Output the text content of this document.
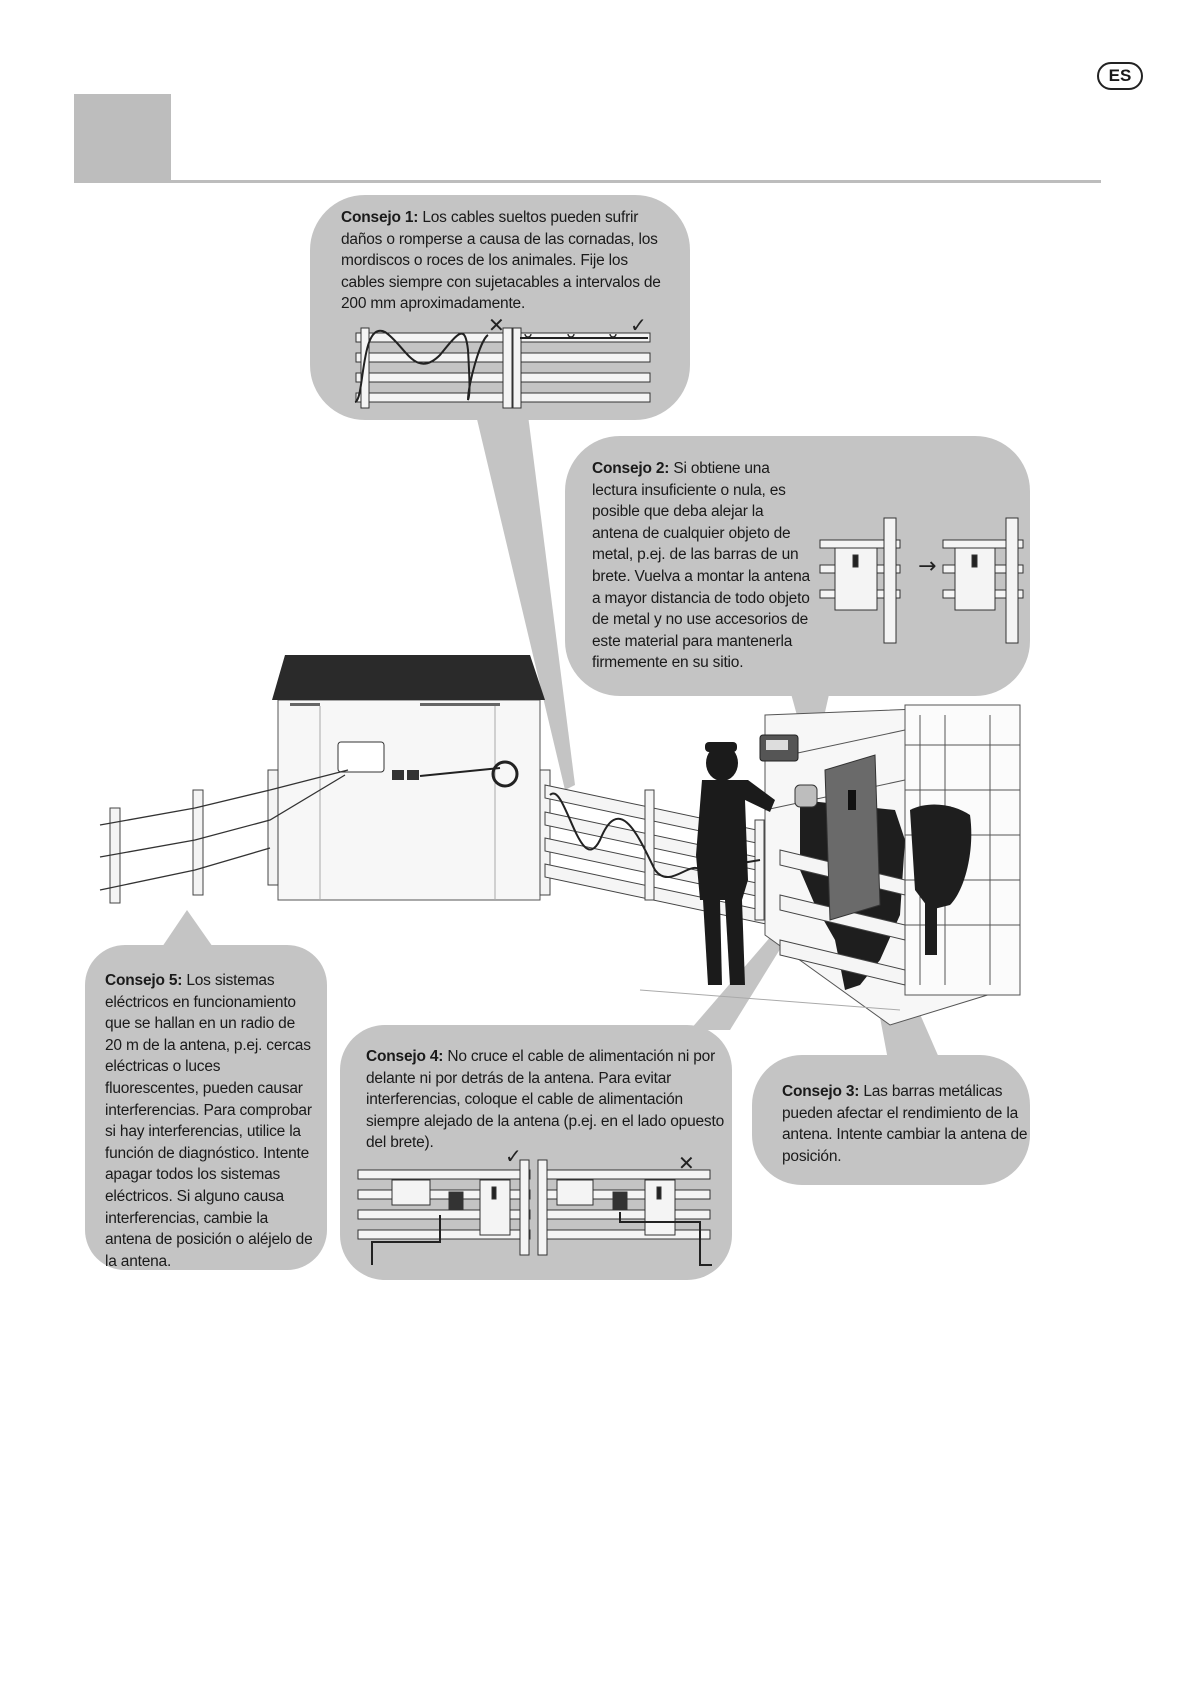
ES
✕	✓
→
✓	✕
Consejo 1: Los cables sueltos pueden sufrir daños o romperse a causa de las cornadas, los mordiscos o roces de los animales. Fije los cables siempre con sujetacables a intervalos de 200 mm aproximadamente.
Consejo 2: Si obtiene una lectura insuficiente o nula, es posible que deba alejar la antena de cualquier objeto de metal, p.ej. de las barras de un brete. Vuelva a montar la antena a mayor distancia de todo objeto de metal y no use accesorios de este material para mantenerla firmemente en su sitio.
Consejo 5: Los sistemas eléctricos en funcionamiento que se hallan en un radio de 20 m de la antena, p.ej. cercas eléctricas o luces fluorescentes, pueden causar interferencias. Para comprobar si hay interferencias, utilice la función de diagnóstico. Intente apagar todos los sistemas eléctricos. Si alguno causa interferencias, cambie la antena de posición o aléjelo de la antena.
Consejo 4: No cruce el cable de alimentación ni por delante ni por detrás de la antena. Para evitar interferencias, coloque el cable de alimentación siempre alejado de la antena (p.ej. en el lado opuesto del brete).
Consejo 3: Las barras metálicas pueden afectar el rendimiento de la antena. Intente cambiar la antena de posición.
